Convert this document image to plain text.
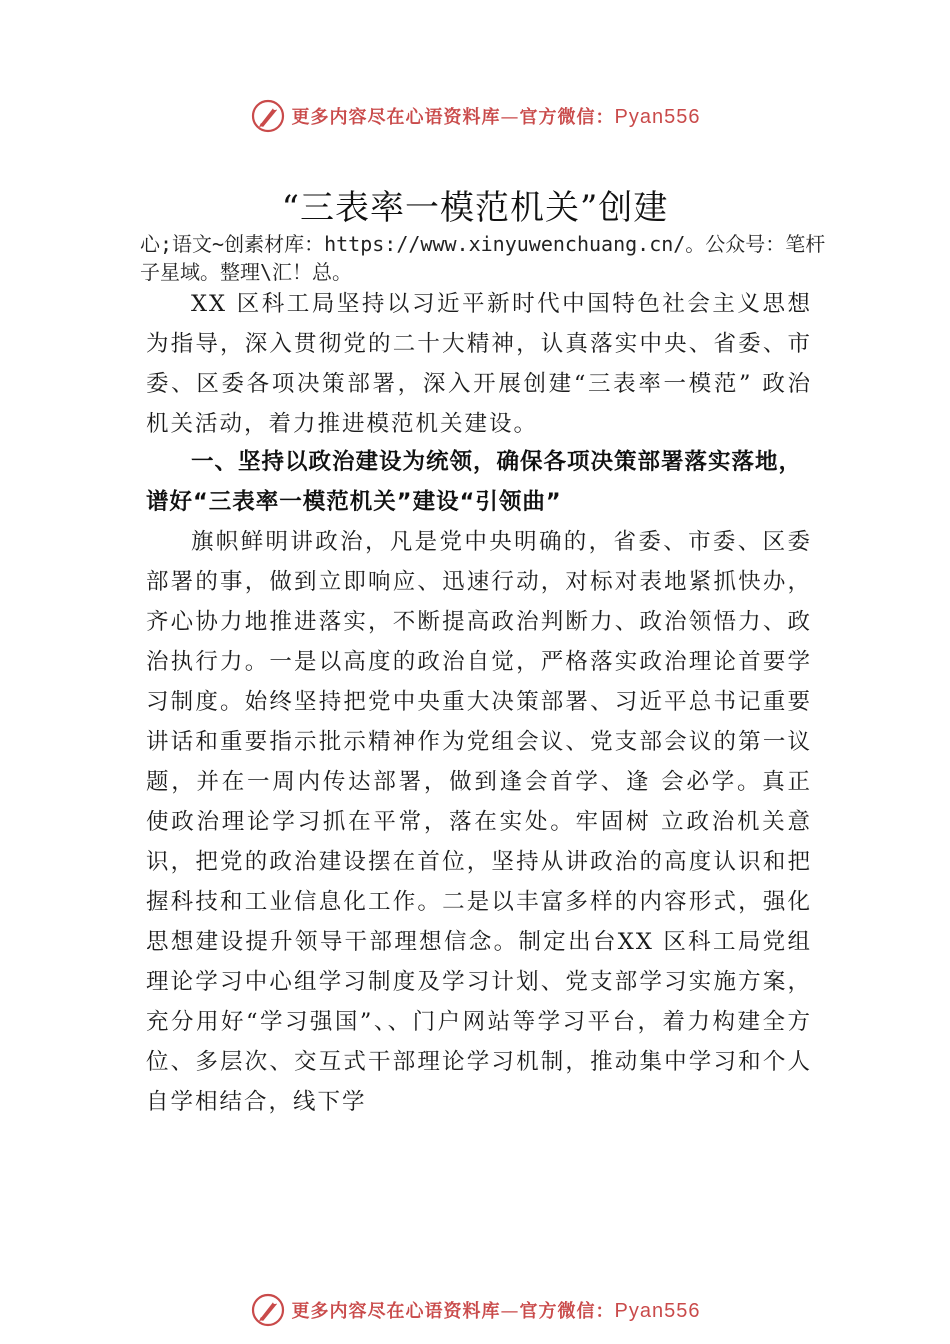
更多内容尽在心语资料库—官方微信：Pyan556
“三表率一模范机关”创建
心;语文~创素材库：https://www.xinyuwenchuang.cn/。公众号：笔杆子星域。整理\汇！总。
XX 区科工局坚持以习近平新时代中国特色社会主义思想为指导，深入贯彻党的二十大精神，认真落实中央、省委、市委、区委各项决策部署，深入开展创建“三表率一模范” 政治机关活动，着力推进模范机关建设。
一、坚持以政治建设为统领，确保各项决策部署落实落地，谱好“三表率一模范机关”建设“引领曲”
旗帜鲜明讲政治，凡是党中央明确的，省委、市委、区委部署的事，做到立即响应、迅速行动，对标对表地紧抓快办，齐心协力地推进落实，不断提高政治判断力、政治领悟力、政治执行力。一是以高度的政治自觉，严格落实政治理论首要学习制度。始终坚持把党中央重大决策部署、习近平总书记重要讲话和重要指示批示精神作为党组会议、党支部会议的第一议题，并在一周内传达部署，做到逢会首学、逢 会必学。真正使政治理论学习抓在平常，落在实处。牢固树 立政治机关意识，把党的政治建设摆在首位，坚持从讲政治的高度认识和把握科技和工业信息化工作。二是以丰富多样的内容形式，强化思想建设提升领导干部理想信念。制定出台XX 区科工局党组理论学习中心组学习制度及学习计划、党支部学习实施方案，充分用好“学习强国”、、门户网站等学习平台，着力构建全方位、多层次、交互式干部理论学习机制，推动集中学习和个人自学相结合，线下学
更多内容尽在心语资料库—官方微信：Pyan556
